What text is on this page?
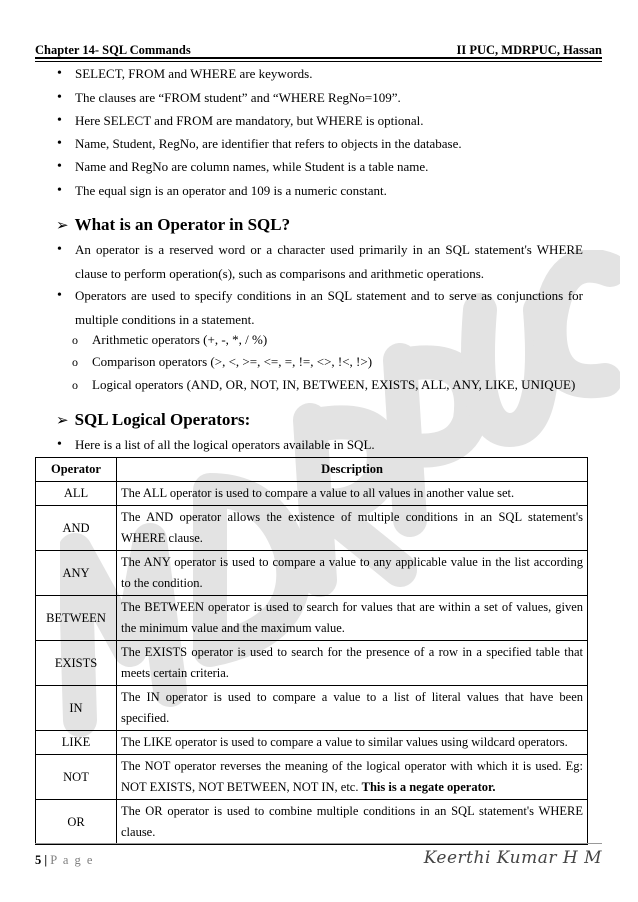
Chapter 14- SQL Commands	II PUC, MDRPUC, Hassan
• SELECT, FROM and WHERE are keywords.
• The clauses are “FROM student” and “WHERE RegNo=109”.
• Here SELECT and FROM are mandatory, but WHERE is optional.
• Name, Student, RegNo, are identifier that refers to objects in the database.
• Name and RegNo are column names, while Student is a table name.
• The equal sign is an operator and 109 is a numeric constant.
➢ What is an Operator in SQL?
• An operator is a reserved word or a character used primarily in an SQL statement's WHERE clause to perform operation(s), such as comparisons and arithmetic operations.
• Operators are used to specify conditions in an SQL statement and to serve as conjunctions for multiple conditions in a statement.
o Arithmetic operators (+, -, *, / %)
o Comparison operators (>, <, >=, <=, =, !=, <>, !<, !>)
o Logical operators (AND, OR, NOT, IN, BETWEEN, EXISTS, ALL, ANY, LIKE, UNIQUE)
➢ SQL Logical Operators:
• Here is a list of all the logical operators available in SQL.
Operator	Description
ALL	The ALL operator is used to compare a value to all values in another value set.
AND	The AND operator allows the existence of multiple conditions in an SQL statement's WHERE clause.
ANY	The ANY operator is used to compare a value to any applicable value in the list according to the condition.
BETWEEN	The BETWEEN operator is used to search for values that are within a set of values, given the minimum value and the maximum value.
EXISTS	The EXISTS operator is used to search for the presence of a row in a specified table that meets certain criteria.
IN	The IN operator is used to compare a value to a list of literal values that have been specified.
LIKE	The LIKE operator is used to compare a value to similar values using wildcard operators.
NOT	The NOT operator reverses the meaning of the logical operator with which it is used. Eg: NOT EXISTS, NOT BETWEEN, NOT IN, etc. This is a negate operator.
OR	The OR operator is used to combine multiple conditions in an SQL statement's WHERE clause.
5 | P a g e	Keerthi Kumar H M
